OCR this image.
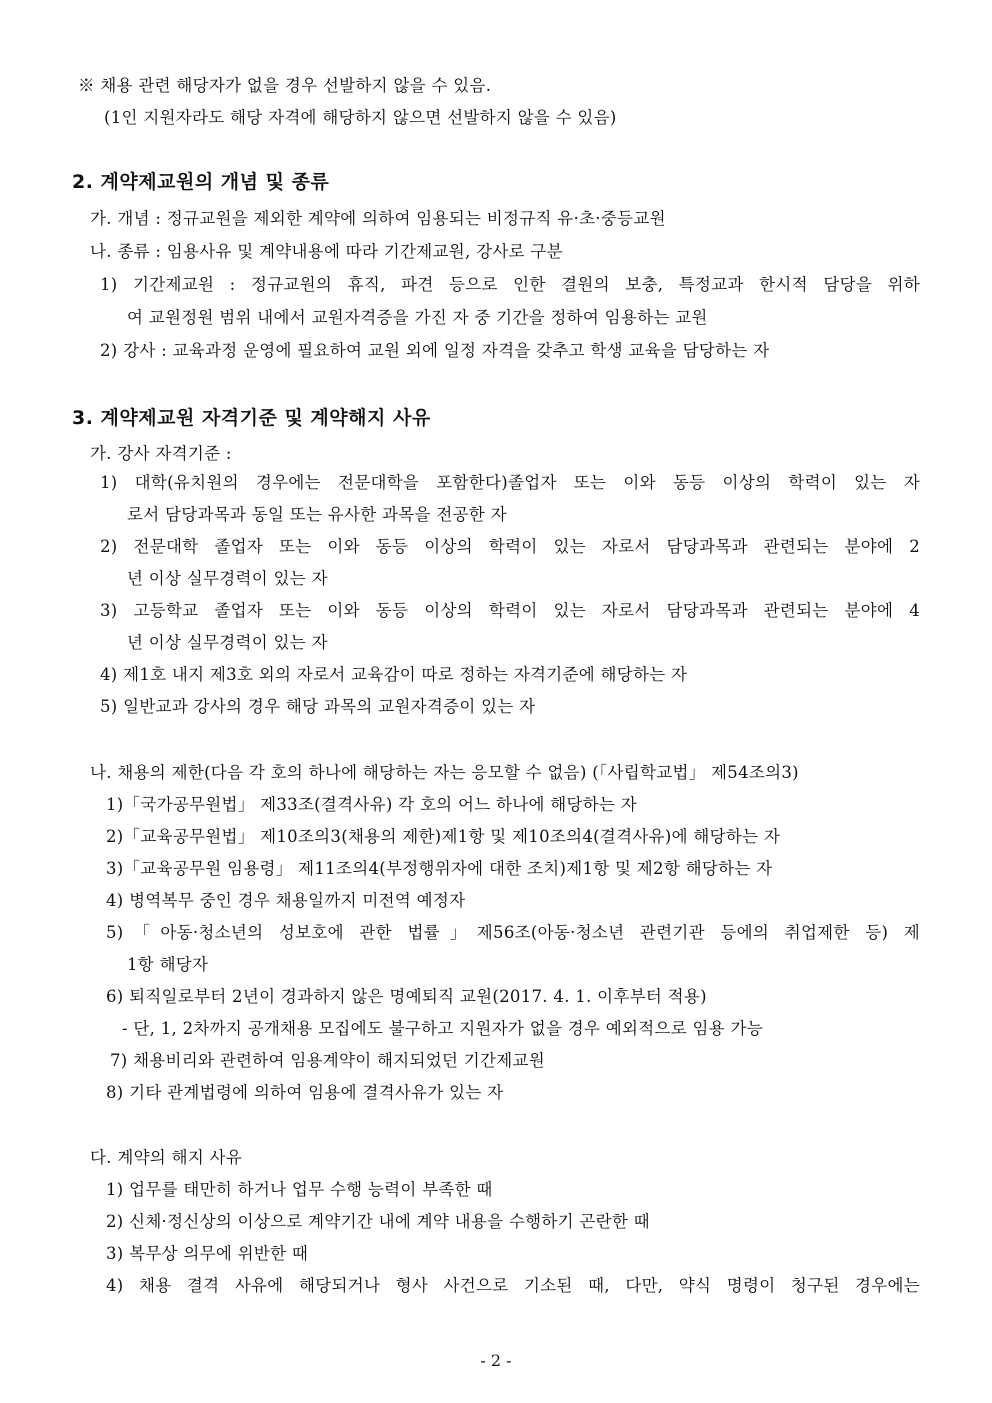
※ 채용 관련 해당자가 없을 경우 선발하지 않을 수 있음.
(1인 지원자라도 해당 자격에 해당하지 않으면 선발하지 않을 수 있음)
2. 계약제교원의 개념 및 종류
가. 개념 : 정규교원을 제외한 계약에 의하여 임용되는 비정규직 유·초·중등교원
나. 종류 : 임용사유 및 계약내용에 따라 기간제교원, 강사로 구분
1) 기간제교원 : 정규교원의 휴직, 파견 등으로 인한 결원의 보충, 특정교과 한시적 담당을 위하
여 교원정원 범위 내에서 교원자격증을 가진 자 중 기간을 정하여 임용하는 교원
2) 강사 : 교육과정 운영에 필요하여 교원 외에 일정 자격을 갖추고 학생 교육을 담당하는 자
3. 계약제교원 자격기준 및 계약해지 사유
가. 강사 자격기준 :
1) 대학(유치원의 경우에는 전문대학을 포함한다)졸업자 또는 이와 동등 이상의 학력이 있는 자
로서 담당과목과 동일 또는 유사한 과목을 전공한 자
2) 전문대학 졸업자 또는 이와 동등 이상의 학력이 있는 자로서 담당과목과 관련되는 분야에 2
년 이상 실무경력이 있는 자
3) 고등학교 졸업자 또는 이와 동등 이상의 학력이 있는 자로서 담당과목과 관련되는 분야에 4
년 이상 실무경력이 있는 자
4) 제1호 내지 제3호 외의 자로서 교육감이 따로 정하는 자격기준에 해당하는 자
5) 일반교과 강사의 경우 해당 과목의 교원자격증이 있는 자
나. 채용의 제한(다음 각 호의 하나에 해당하는 자는 응모할 수 없음) (「사립학교법」 제54조의3)
1)「국가공무원법」 제33조(결격사유) 각 호의 어느 하나에 해당하는 자
2)「교육공무원법」 제10조의3(채용의 제한)제1항 및 제10조의4(결격사유)에 해당하는 자
3)「교육공무원 임용령」 제11조의4(부정행위자에 대한 조치)제1항 및 제2항 해당하는 자
4) 병역복무 중인 경우 채용일까지 미전역 예정자
5)「아동·청소년의 성보호에 관한 법률」제56조(아동·청소년 관련기관 등에의 취업제한 등) 제
1항 해당자
6) 퇴직일로부터 2년이 경과하지 않은 명예퇴직 교원(2017. 4. 1. 이후부터 적용)
- 단, 1, 2차까지 공개채용 모집에도 불구하고 지원자가 없을 경우 예외적으로 임용 가능
7) 채용비리와 관련하여 임용계약이 해지되었던 기간제교원
8) 기타 관계법령에 의하여 임용에 결격사유가 있는 자
다. 계약의 해지 사유
1) 업무를 태만히 하거나 업무 수행 능력이 부족한 때
2) 신체·정신상의 이상으로 계약기간 내에 계약 내용을 수행하기 곤란한 때
3) 복무상 의무에 위반한 때
4) 채용 결격 사유에 해당되거나 형사 사건으로 기소된 때, 다만, 약식 명령이 청구된 경우에는
- 2 -
